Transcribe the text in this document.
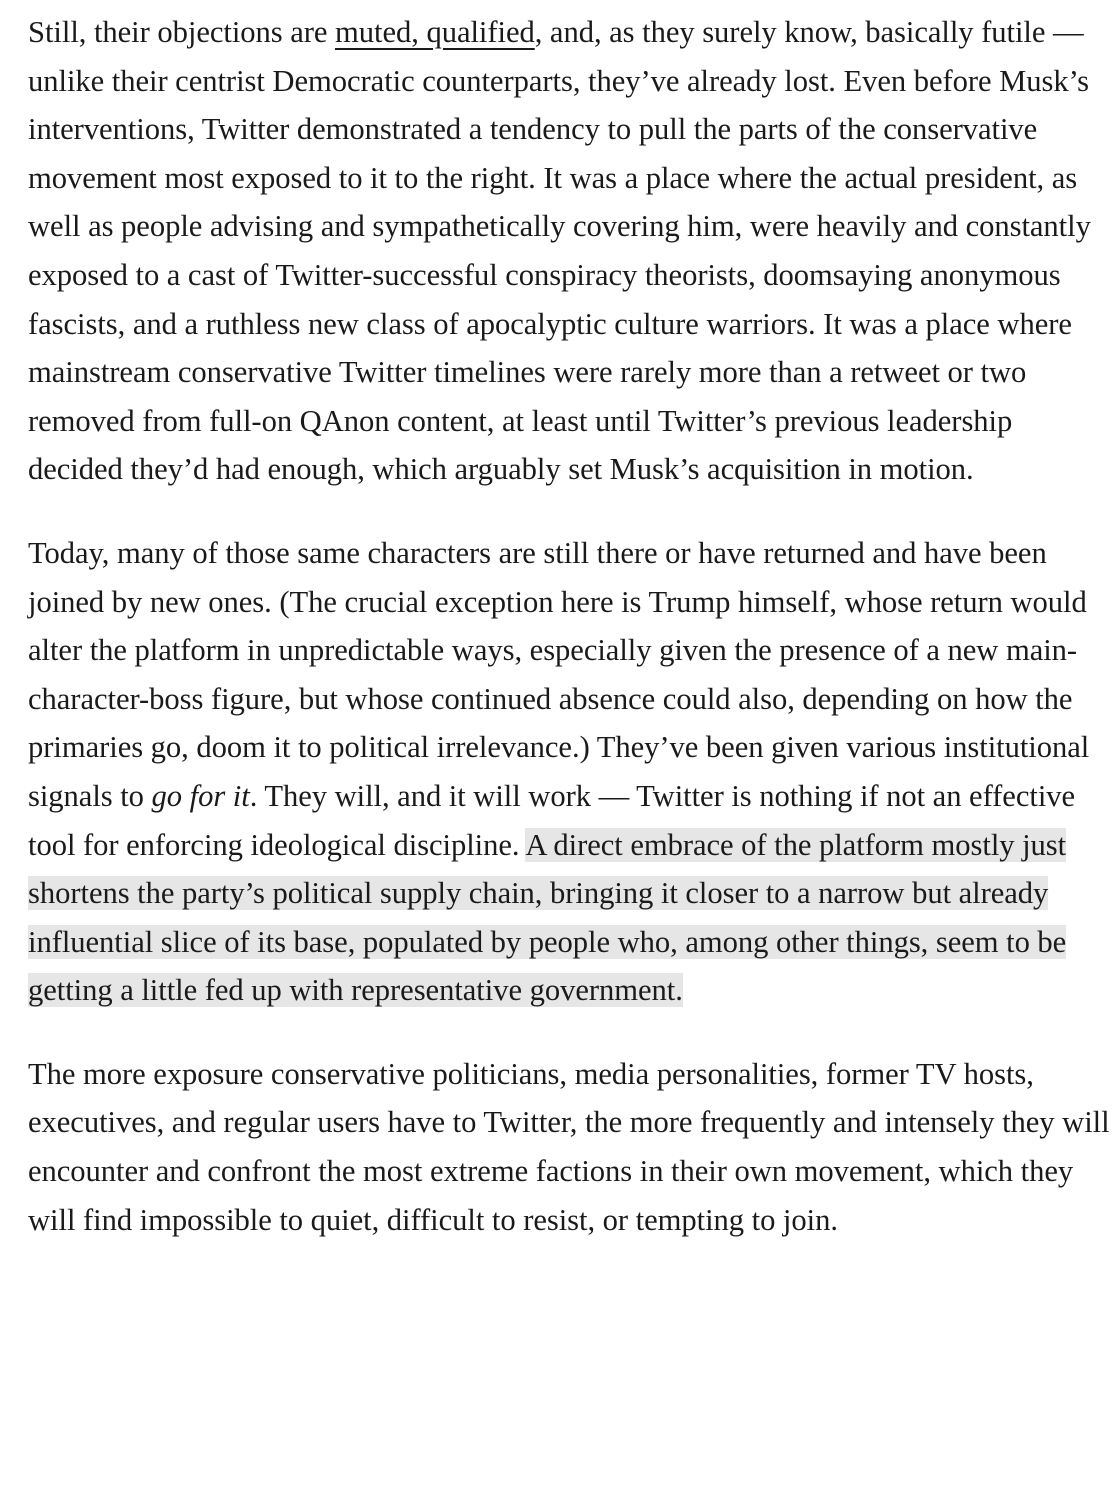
Still, their objections are muted, qualified, and, as they surely know, basically futile — unlike their centrist Democratic counterparts, they’ve already lost. Even before Musk’s interventions, Twitter demonstrated a tendency to pull the parts of the conservative movement most exposed to it to the right. It was a place where the actual president, as well as people advising and sympathetically covering him, were heavily and constantly exposed to a cast of Twitter-successful conspiracy theorists, doomsaying anonymous fascists, and a ruthless new class of apocalyptic culture warriors. It was a place where mainstream conservative Twitter timelines were rarely more than a retweet or two removed from full-on QAnon content, at least until Twitter’s previous leadership decided they’d had enough, which arguably set Musk’s acquisition in motion.

Today, many of those same characters are still there or have returned and have been joined by new ones. (The crucial exception here is Trump himself, whose return would alter the platform in unpredictable ways, especially given the presence of a new main-character-boss figure, but whose continued absence could also, depending on how the primaries go, doom it to political irrelevance.) They’ve been given various institutional signals to go for it. They will, and it will work — Twitter is nothing if not an effective tool for enforcing ideological discipline. A direct embrace of the platform mostly just shortens the party’s political supply chain, bringing it closer to a narrow but already influential slice of its base, populated by people who, among other things, seem to be getting a little fed up with representative government.

The more exposure conservative politicians, media personalities, former TV hosts, executives, and regular users have to Twitter, the more frequently and intensely they will encounter and confront the most extreme factions in their own movement, which they will find impossible to quiet, difficult to resist, or tempting to join.
